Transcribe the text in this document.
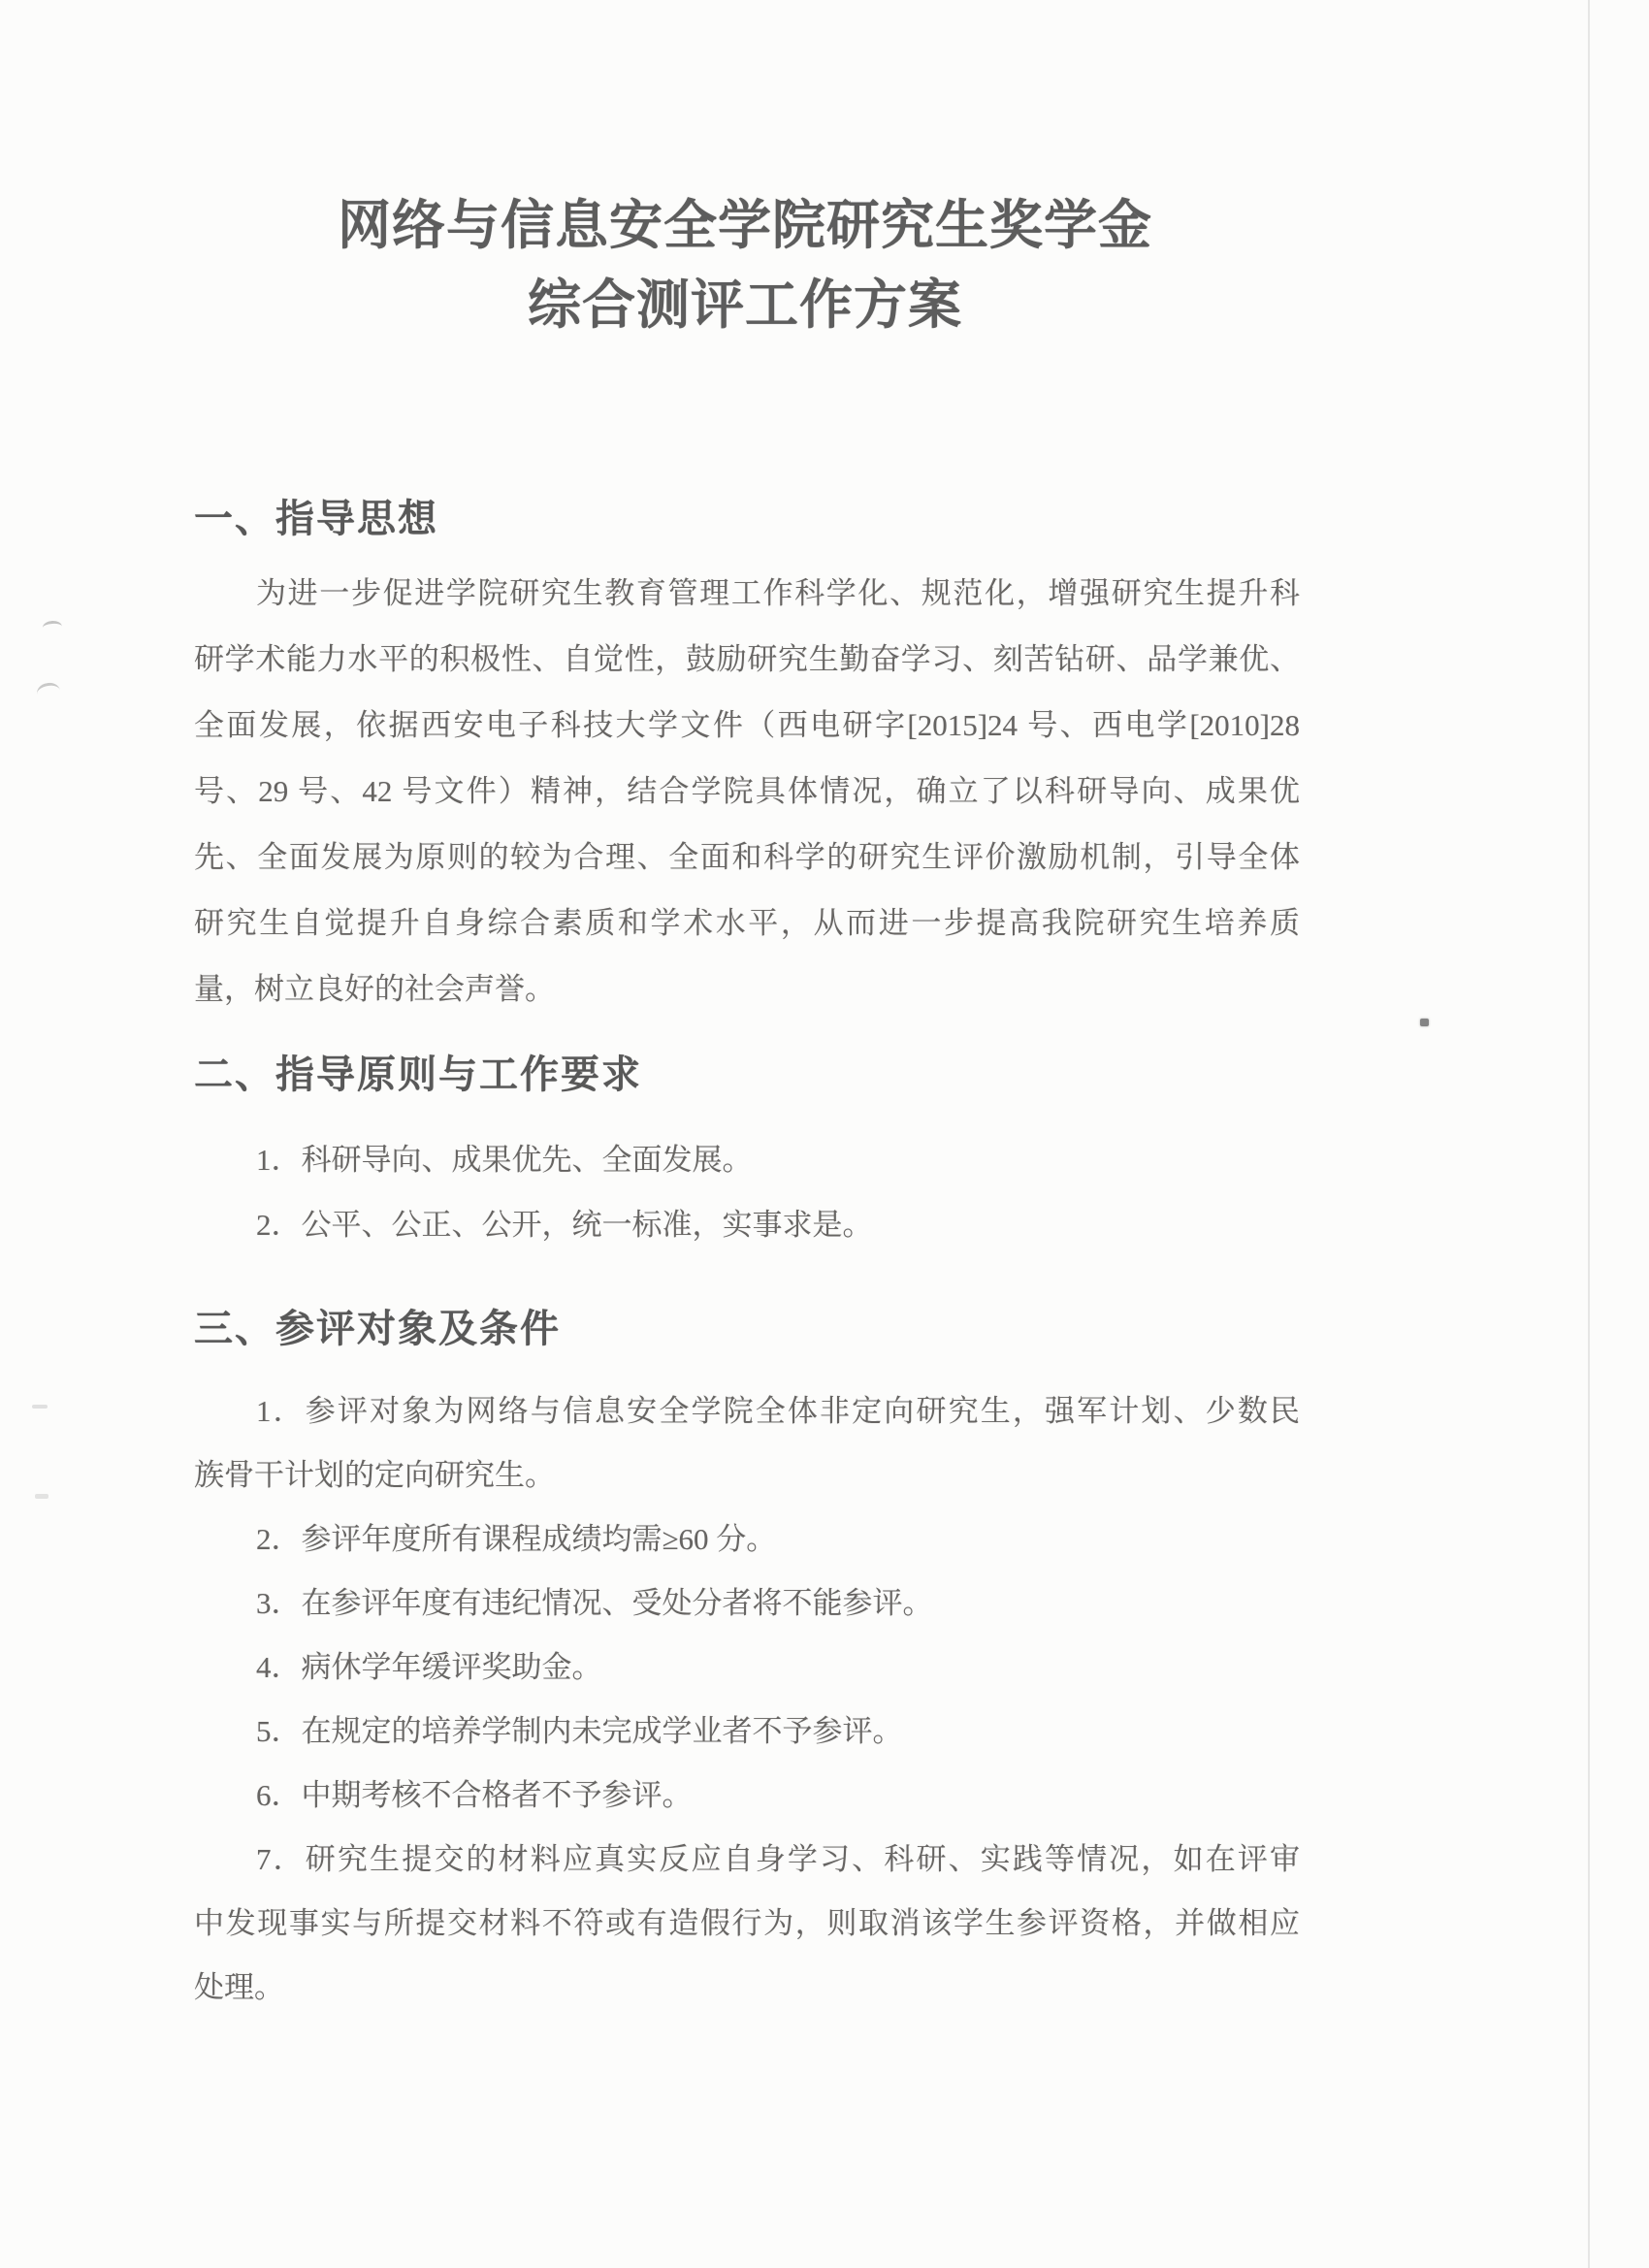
网络与信息安全学院研究生奖学金
综合测评工作方案
一、指导思想
为进一步促进学院研究生教育管理工作科学化、规范化，增强研究生提升科
研学术能力水平的积极性、自觉性，鼓励研究生勤奋学习、刻苦钻研、品学兼优、
全面发展，依据西安电子科技大学文件（西电研字[2015]24 号、西电学[2010]28
号、29 号、42 号文件）精神，结合学院具体情况，确立了以科研导向、成果优
先、全面发展为原则的较为合理、全面和科学的研究生评价激励机制，引导全体
研究生自觉提升自身综合素质和学术水平，从而进一步提高我院研究生培养质
量，树立良好的社会声誉。
二、指导原则与工作要求
1．科研导向、成果优先、全面发展。
2．公平、公正、公开，统一标准，实事求是。
三、参评对象及条件
1．参评对象为网络与信息安全学院全体非定向研究生，强军计划、少数民
族骨干计划的定向研究生。
2．参评年度所有课程成绩均需≥60 分。
3．在参评年度有违纪情况、受处分者将不能参评。
4．病休学年缓评奖助金。
5．在规定的培养学制内未完成学业者不予参评。
6．中期考核不合格者不予参评。
7．研究生提交的材料应真实反应自身学习、科研、实践等情况，如在评审
中发现事实与所提交材料不符或有造假行为，则取消该学生参评资格，并做相应
处理。
